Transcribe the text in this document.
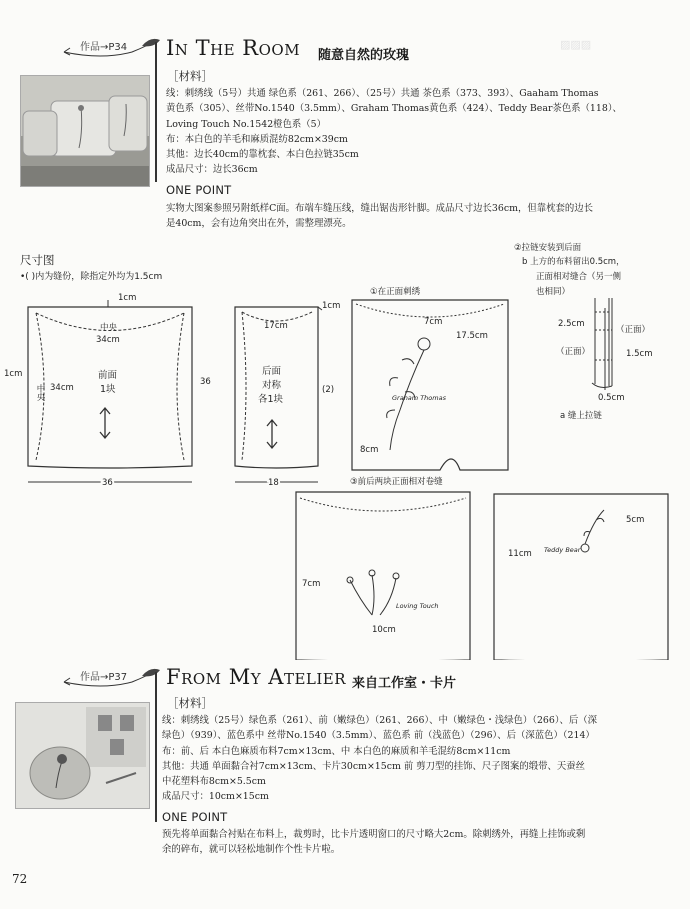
▨▨▨
作品→P34 In The Room 随意自然的玫瑰
［材料］
线：刺绣线（5号）共通 绿色系（261、266）、（25号）共通 茶色系（373、393）、Gaaham Thomas
黄色系（305）、丝带No.1540（3.5mm）、Graham Thomas黄色系（424）、Teddy Bear茶色系（118）、
Loving Touch No.1542橙色系（5）
布：本白色的羊毛和麻质混纺82cm×39cm
其他：边长40cm的靠枕套、本白色拉链35cm
成品尺寸：边长36cm
ONE POINT
实物大图案参照另附纸样C面。布端车缝压线，缝出锯齿形针脚。成品尺寸边长36cm，但靠枕套的边长
是40cm，会有边角突出在外，需整理漂亮。
尺寸图
•( )内为缝份，除指定外均为1.5cm
1cm
中央
34cm
前面
1块
1cm
中央 34cm
36
1cm
17cm
后面
对称
各1块
(2)
36
18
①在正面刺绣
7cm
17.5cm
8cm
Graham Thomas
③前后两块正面相对卷缝
②拉链安装到后面
b 上方的布料留出0.5cm，
正面相对缝合（另一侧
也相同）
2.5cm
（正面）
（正面）	1.5cm
0.5cm
a 缝上拉链
7cm
10cm
Loving Touch
5cm
11cm Teddy Bear
作品→P37 From My Atelier 来自工作室・卡片
［材料］
线：刺绣线（25号）绿色系（261）、前（嫩绿色）（261、266）、中（嫩绿色・浅绿色）（266）、后（深
绿色）（939）、蓝色系中 丝带No.1540（3.5mm）、蓝色系 前（浅蓝色）（296）、后（深蓝色）（214）
布：前、后 本白色麻质布料7cm×13cm、中 本白色的麻质和羊毛混纺8cm×11cm
其他：共通 单面黏合衬7cm×13cm、卡片30cm×15cm 前 剪刀型的挂饰、尺子图案的缎带、天蚕丝
中花塑料布8cm×5.5cm
成品尺寸：10cm×15cm
ONE POINT
预先将单面黏合衬贴在布料上，裁剪时，比卡片透明窗口的尺寸略大2cm。除刺绣外，再缝上挂饰或剩
余的碎布，就可以轻松地制作个性卡片啦。
72
